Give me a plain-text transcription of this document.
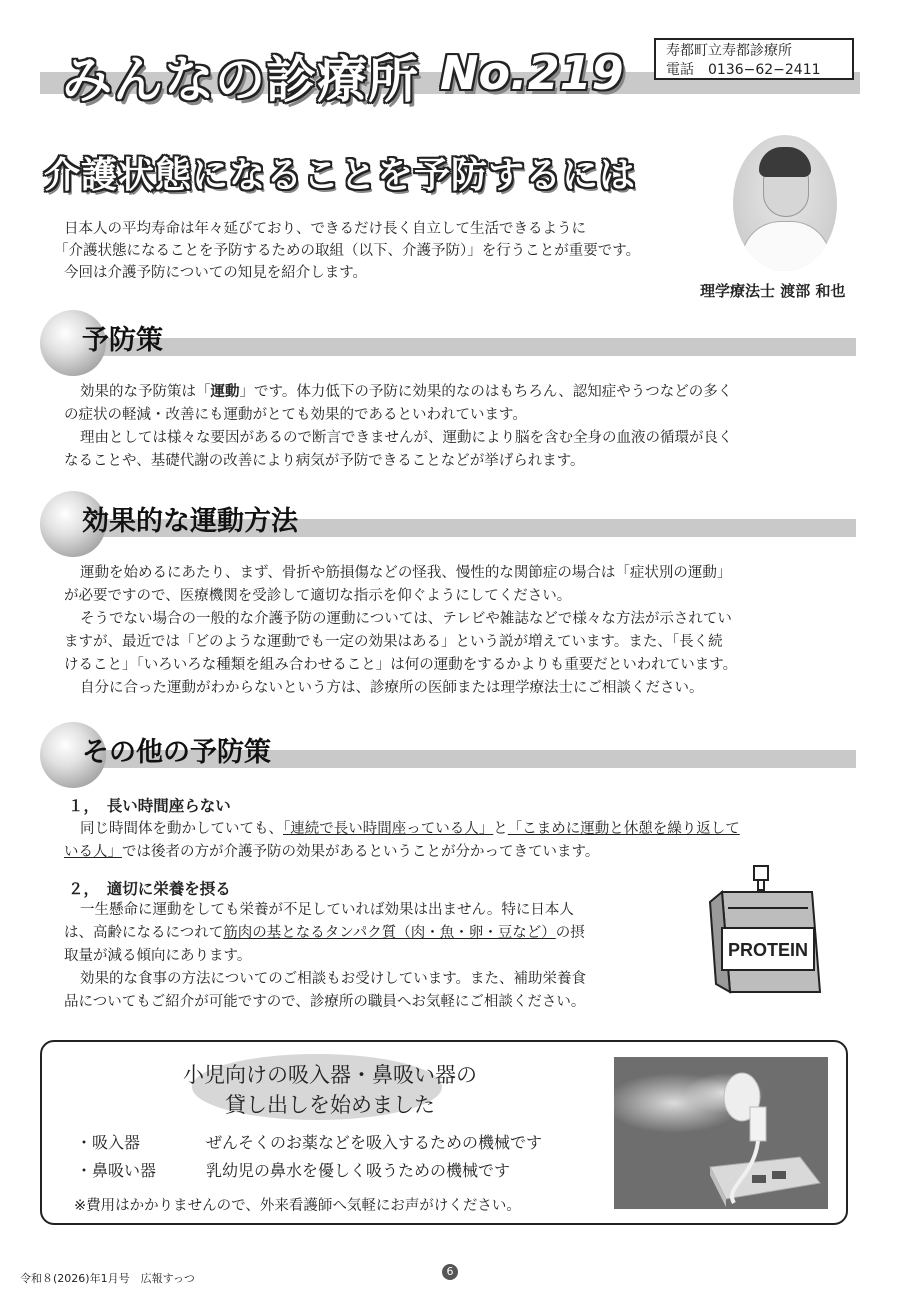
みんなの診療所 No.219	寿都町立寿都診療所
電話　0136−62−2411
介護状態になることを予防するには
理学療法士 渡部 和也

日本人の平均寿命は年々延びており、できるだけ長く自立して生活できるように

「介護状態になることを予防するための取組（以下、介護予防）」を行うことが重要です。

今回は介護予防についての知見を紹介します。

予防策

効果的な予防策は「運動」です。体力低下の予防に効果的なのはもちろん、認知症やうつなどの多く

の症状の軽減・改善にも運動がとても効果的であるといわれています。

理由としては様々な要因があるので断言できませんが、運動により脳を含む全身の血液の循環が良く

なることや、基礎代謝の改善により病気が予防できることなどが挙げられます。

効果的な運動方法

運動を始めるにあたり、まず、骨折や筋損傷などの怪我、慢性的な関節症の場合は「症状別の運動」

が必要ですので、医療機関を受診して適切な指示を仰ぐようにしてください。

そうでない場合の一般的な介護予防の運動については、テレビや雑誌などで様々な方法が示されてい

ますが、最近では「どのような運動でも一定の効果はある」という説が増えています。また、「長く続

けること」「いろいろな種類を組み合わせること」は何の運動をするかよりも重要だといわれています。

自分に合った運動がわからないという方は、診療所の医師または理学療法士にご相談ください。

その他の予防策
１，　長い時間座らない

同じ時間体を動かしていても、「連続で長い時間座っている人」と「こまめに運動と休憩を繰り返して

いる人」では後者の方が介護予防の効果があるということが分かってきています。

２，　適切に栄養を摂る

一生懸命に運動をしても栄養が不足していれば効果は出ません。特に日本人

は、高齢になるにつれて筋肉の基となるタンパク質（肉・魚・卵・豆など）の摂

取量が減る傾向にあります。

効果的な食事の方法についてのご相談もお受けしています。また、補助栄養食

品についてもご紹介が可能ですので、診療所の職員へお気軽にご相談ください。

PROTEIN
小児向けの吸入器・鼻吸い器の
貸し出しを始めました
・吸入器	ぜんそくのお薬などを吸入するための機械です
・鼻吸い器	乳幼児の鼻水を優しく吸うための機械です
※費用はかかりませんので、外来看護師へ気軽にお声がけください。
令和８(2026)年1月号　広報すっつ
6
